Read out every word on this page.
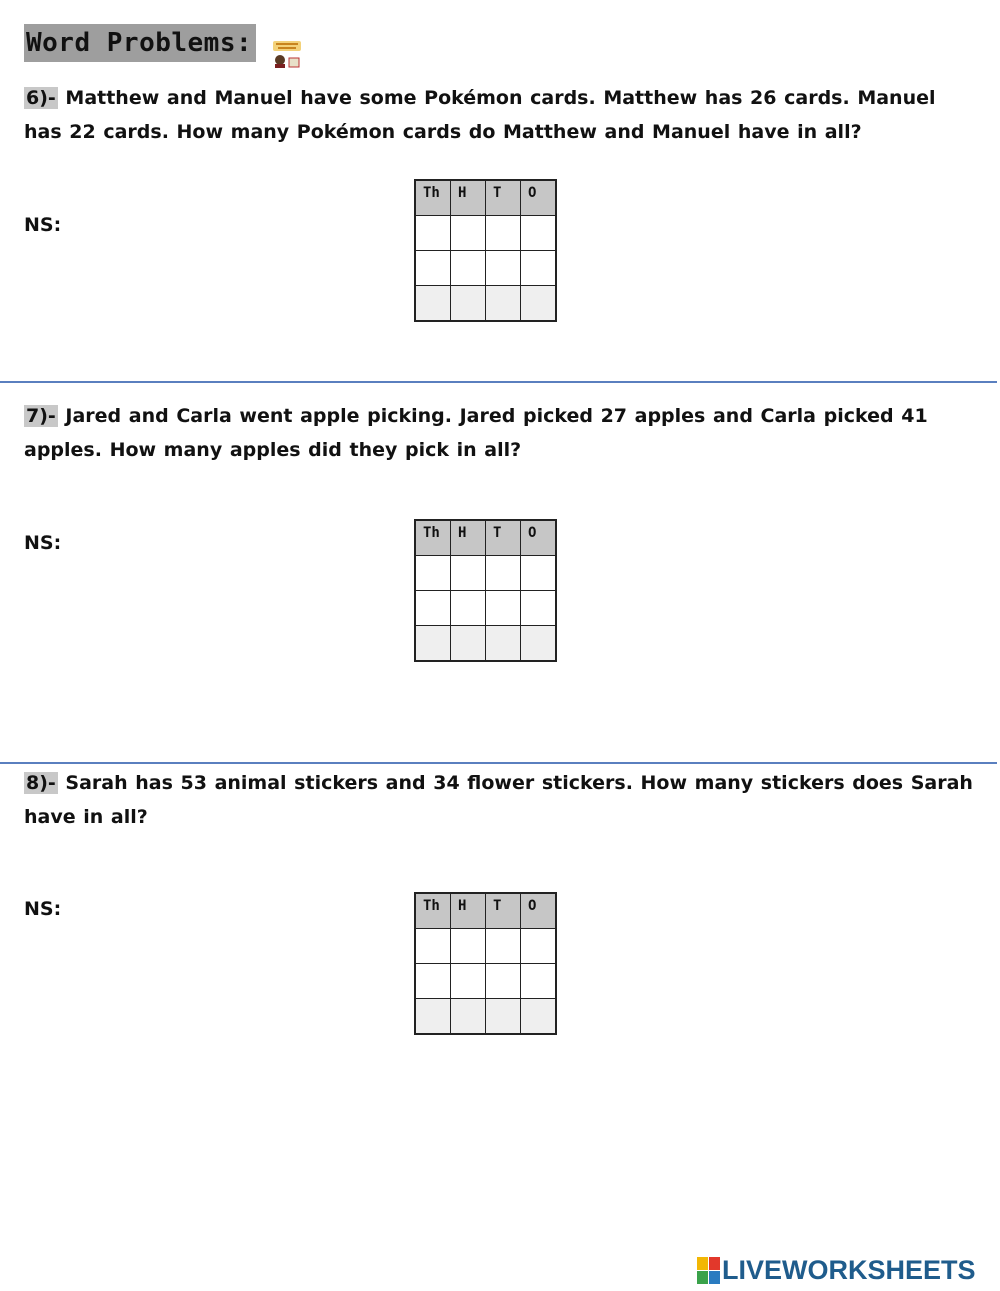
Word Problems:
6)- Matthew and Manuel have some Pokémon cards. Matthew has 26 cards. Manuel has 22 cards. How many Pokémon cards do Matthew and Manuel have in all?
NS:
Th	H	T	O

7)- Jared and Carla went apple picking. Jared picked 27 apples and Carla picked 41 apples. How many apples did they pick in all?
NS:	Th	H	T	O

8)- Sarah has 53 animal stickers and 34 flower stickers. How many stickers does Sarah have in all?
NS:	Th	H	T	O

LIVEWORKSHEETS
